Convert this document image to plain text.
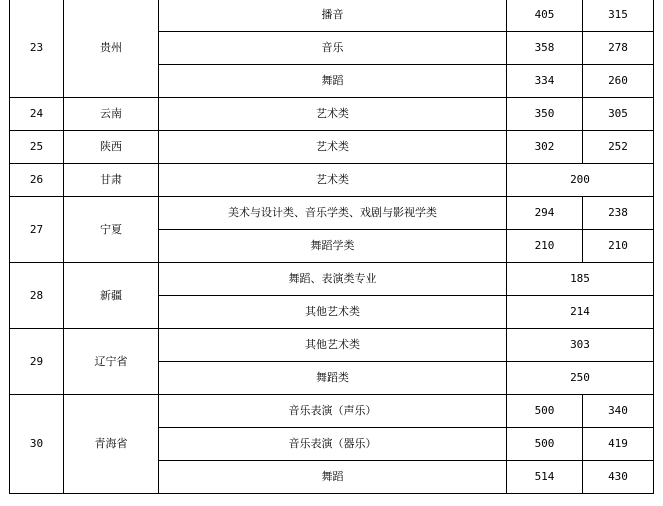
23	贵州	播音	405	315
		音乐	358	278
		舞蹈	334	260
24	云南	艺术类	350	305
25	陕西	艺术类	302	252
26	甘肃	艺术类	200	
27	宁夏	美术与设计类、音乐学类、戏剧与影视学类	294	238
		舞蹈学类	210	210
28	新疆	舞蹈、表演类专业	185	
		其他艺术类	214	
29	辽宁省	其他艺术类	303	
		舞蹈类	250	
30	青海省	音乐表演（声乐）	500	340
		音乐表演（器乐）	500	419
		舞蹈	514	430
